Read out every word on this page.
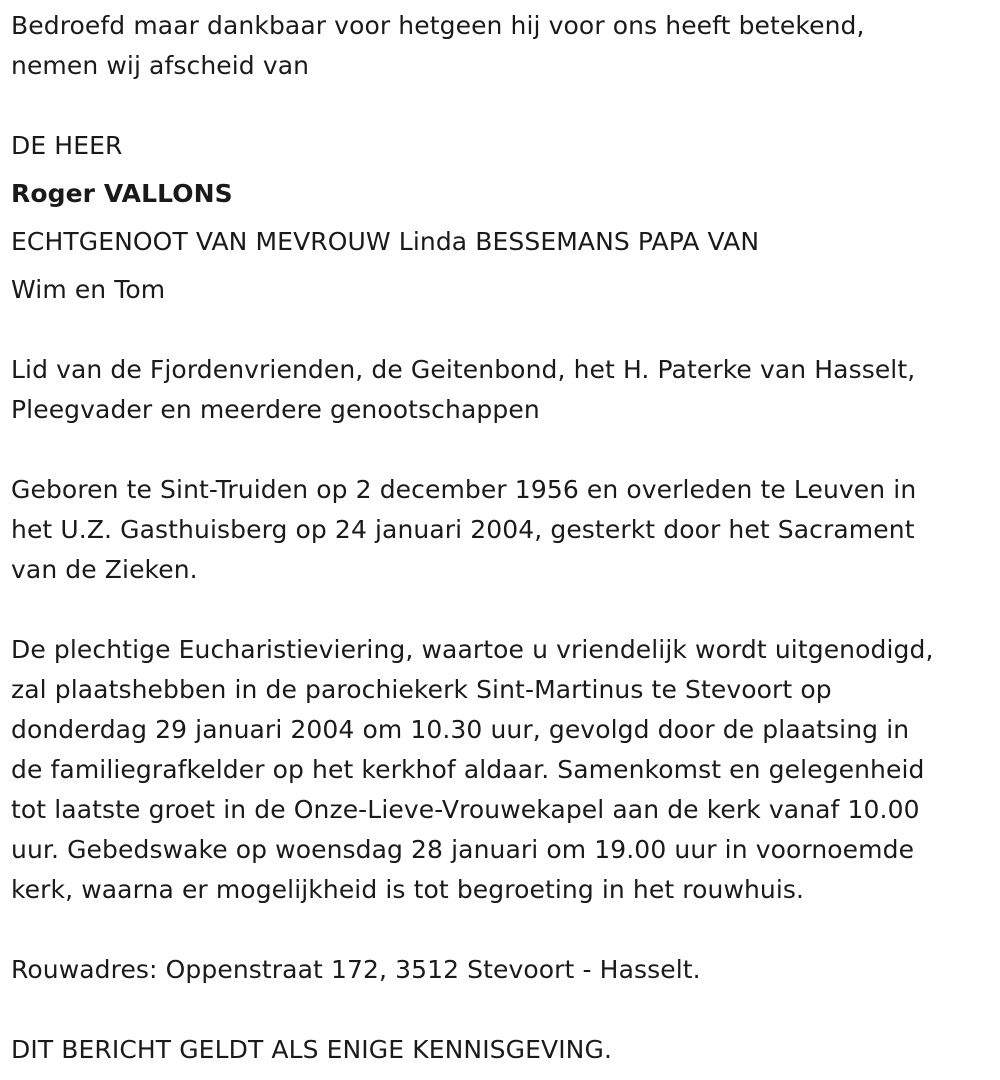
Bedroefd maar dankbaar voor hetgeen hij voor ons heeft betekend,
nemen wij afscheid van
DE HEER
Roger VALLONS
ECHTGENOOT VAN MEVROUW Linda BESSEMANS PAPA VAN
Wim en Tom
Lid van de Fjordenvrienden, de Geitenbond, het H. Paterke van Hasselt,
Pleegvader en meerdere genootschappen
Geboren te Sint-Truiden op 2 december 1956 en overleden te Leuven in
het U.Z. Gasthuisberg op 24 januari 2004, gesterkt door het Sacrament
van de Zieken.
De plechtige Eucharistieviering, waartoe u vriendelijk wordt uitgenodigd,
zal plaatshebben in de parochiekerk Sint-Martinus te Stevoort op
donderdag 29 januari 2004 om 10.30 uur, gevolgd door de plaatsing in
de familiegrafkelder op het kerkhof aldaar. Samenkomst en gelegenheid
tot laatste groet in de Onze-Lieve-Vrouwekapel aan de kerk vanaf 10.00
uur. Gebedswake op woensdag 28 januari om 19.00 uur in voornoemde
kerk, waarna er mogelijkheid is tot begroeting in het rouwhuis.
Rouwadres: Oppenstraat 172, 3512 Stevoort - Hasselt.
DIT BERICHT GELDT ALS ENIGE KENNISGEVING.
